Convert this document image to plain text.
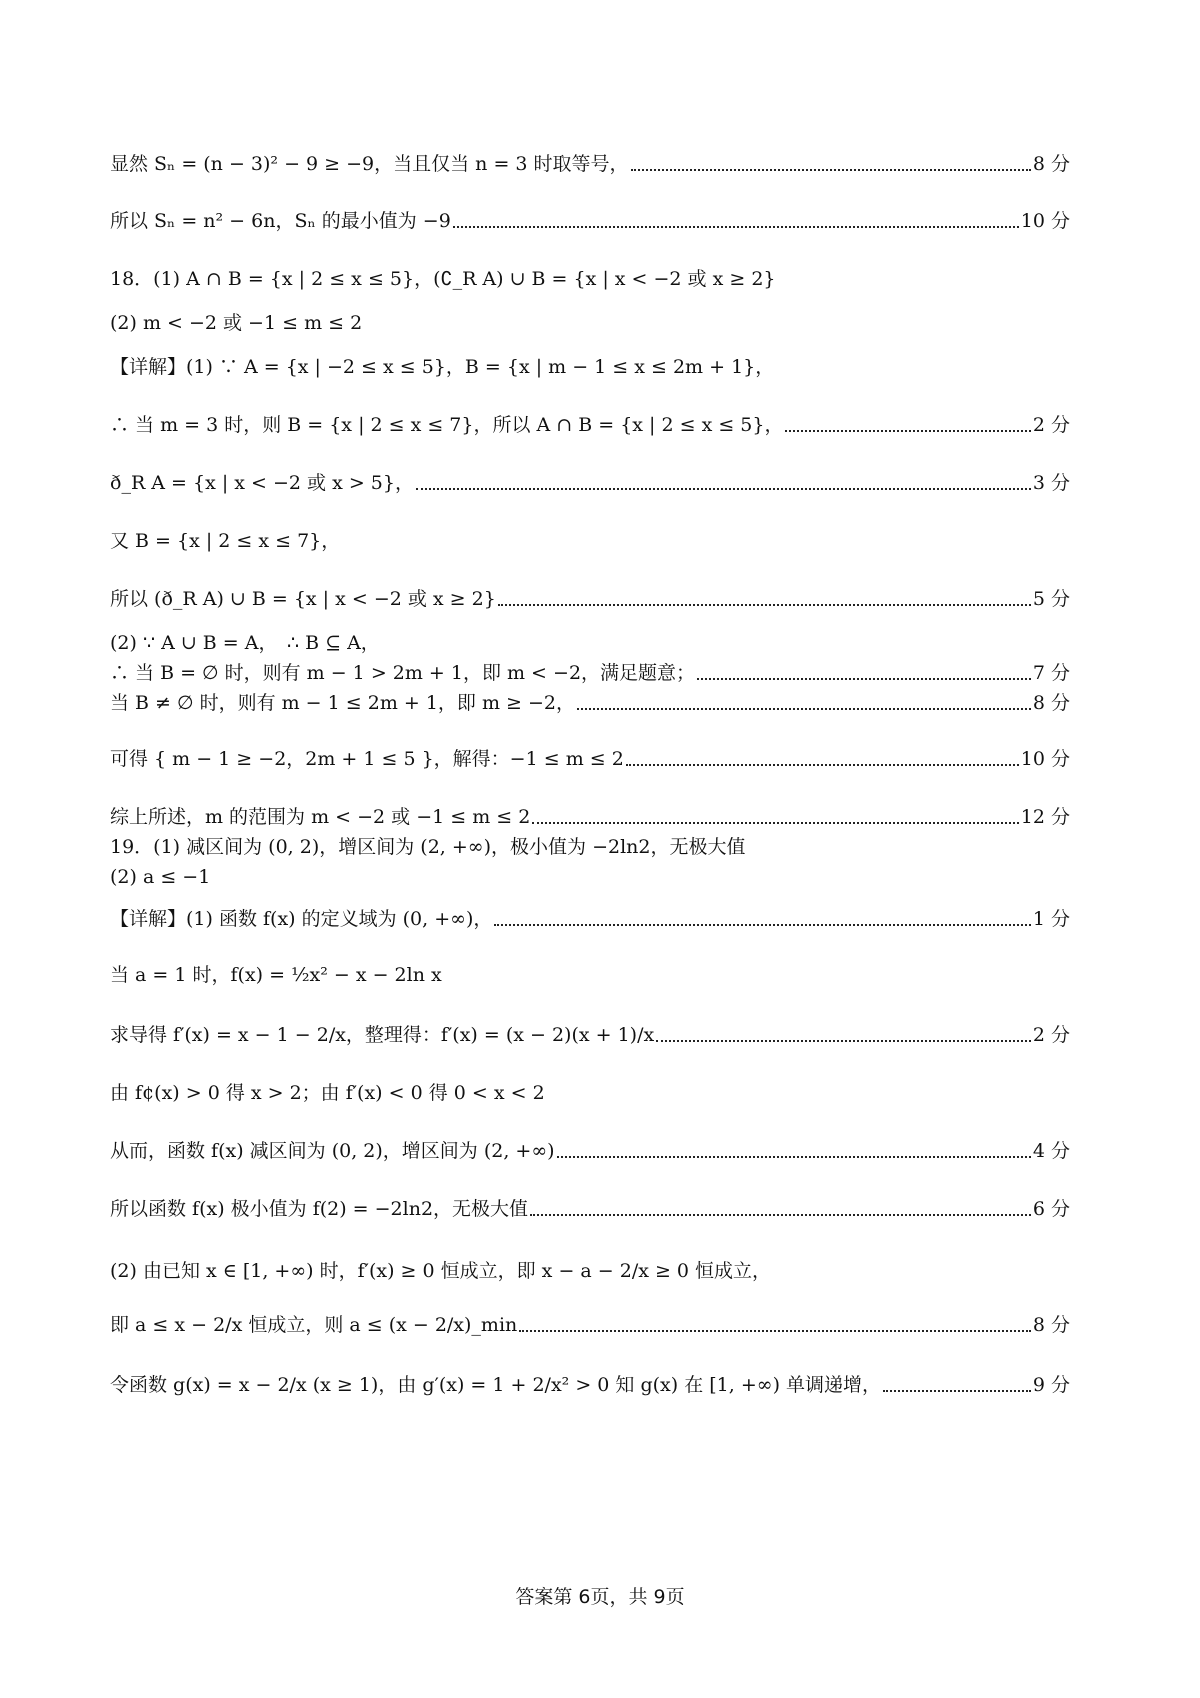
显然 Sₙ = (n − 3)² − 9 ≥ −9，当且仅当 n = 3 时取等号，	8 分
所以 Sₙ = n² − 6n，Sₙ 的最小值为 −9	10 分
18．(1) A ∩ B = {x | 2 ≤ x ≤ 5}，(∁_R A) ∪ B = {x | x < −2 或 x ≥ 2}
(2) m < −2 或 −1 ≤ m ≤ 2
【详解】(1) ∵ A = {x | −2 ≤ x ≤ 5}，B = {x | m − 1 ≤ x ≤ 2m + 1}，
∴ 当 m = 3 时，则 B = {x | 2 ≤ x ≤ 7}，所以 A ∩ B = {x | 2 ≤ x ≤ 5}，	2 分
ð_R A = {x | x < −2 或 x > 5}，	3 分
又 B = {x | 2 ≤ x ≤ 7}，
所以 (ð_R A) ∪ B = {x | x < −2 或 x ≥ 2}	5 分
(2) ∵ A ∪ B = A，　∴ B ⊆ A，
∴ 当 B = ∅ 时，则有 m − 1 > 2m + 1，即 m < −2，满足题意；	7 分
当 B ≠ ∅ 时，则有 m − 1 ≤ 2m + 1，即 m ≥ −2，	8 分
可得 { m − 1 ≥ −2，2m + 1 ≤ 5 }，解得：−1 ≤ m ≤ 2	10 分
综上所述，m 的范围为 m < −2 或 −1 ≤ m ≤ 2	12 分
19．(1) 减区间为 (0, 2)，增区间为 (2, +∞)，极小值为 −2ln2，无极大值
(2) a ≤ −1
【详解】(1) 函数 f(x) 的定义域为 (0, +∞)，	1 分
当 a = 1 时，f(x) = ½x² − x − 2ln x
求导得 f′(x) = x − 1 − 2/x，整理得：f′(x) = (x − 2)(x + 1)/x	2 分
由 f¢(x) > 0 得 x > 2；由 f′(x) < 0 得 0 < x < 2
从而，函数 f(x) 减区间为 (0, 2)，增区间为 (2, +∞)	4 分
所以函数 f(x) 极小值为 f(2) = −2ln2，无极大值	6 分
(2) 由已知 x ∈ [1, +∞) 时，f′(x) ≥ 0 恒成立，即 x − a − 2/x ≥ 0 恒成立，
即 a ≤ x − 2/x 恒成立，则 a ≤ (x − 2/x)_min	8 分
令函数 g(x) = x − 2/x (x ≥ 1)，由 g′(x) = 1 + 2/x² > 0 知 g(x) 在 [1, +∞) 单调递增，	9 分
答案第 6页，共 9页
